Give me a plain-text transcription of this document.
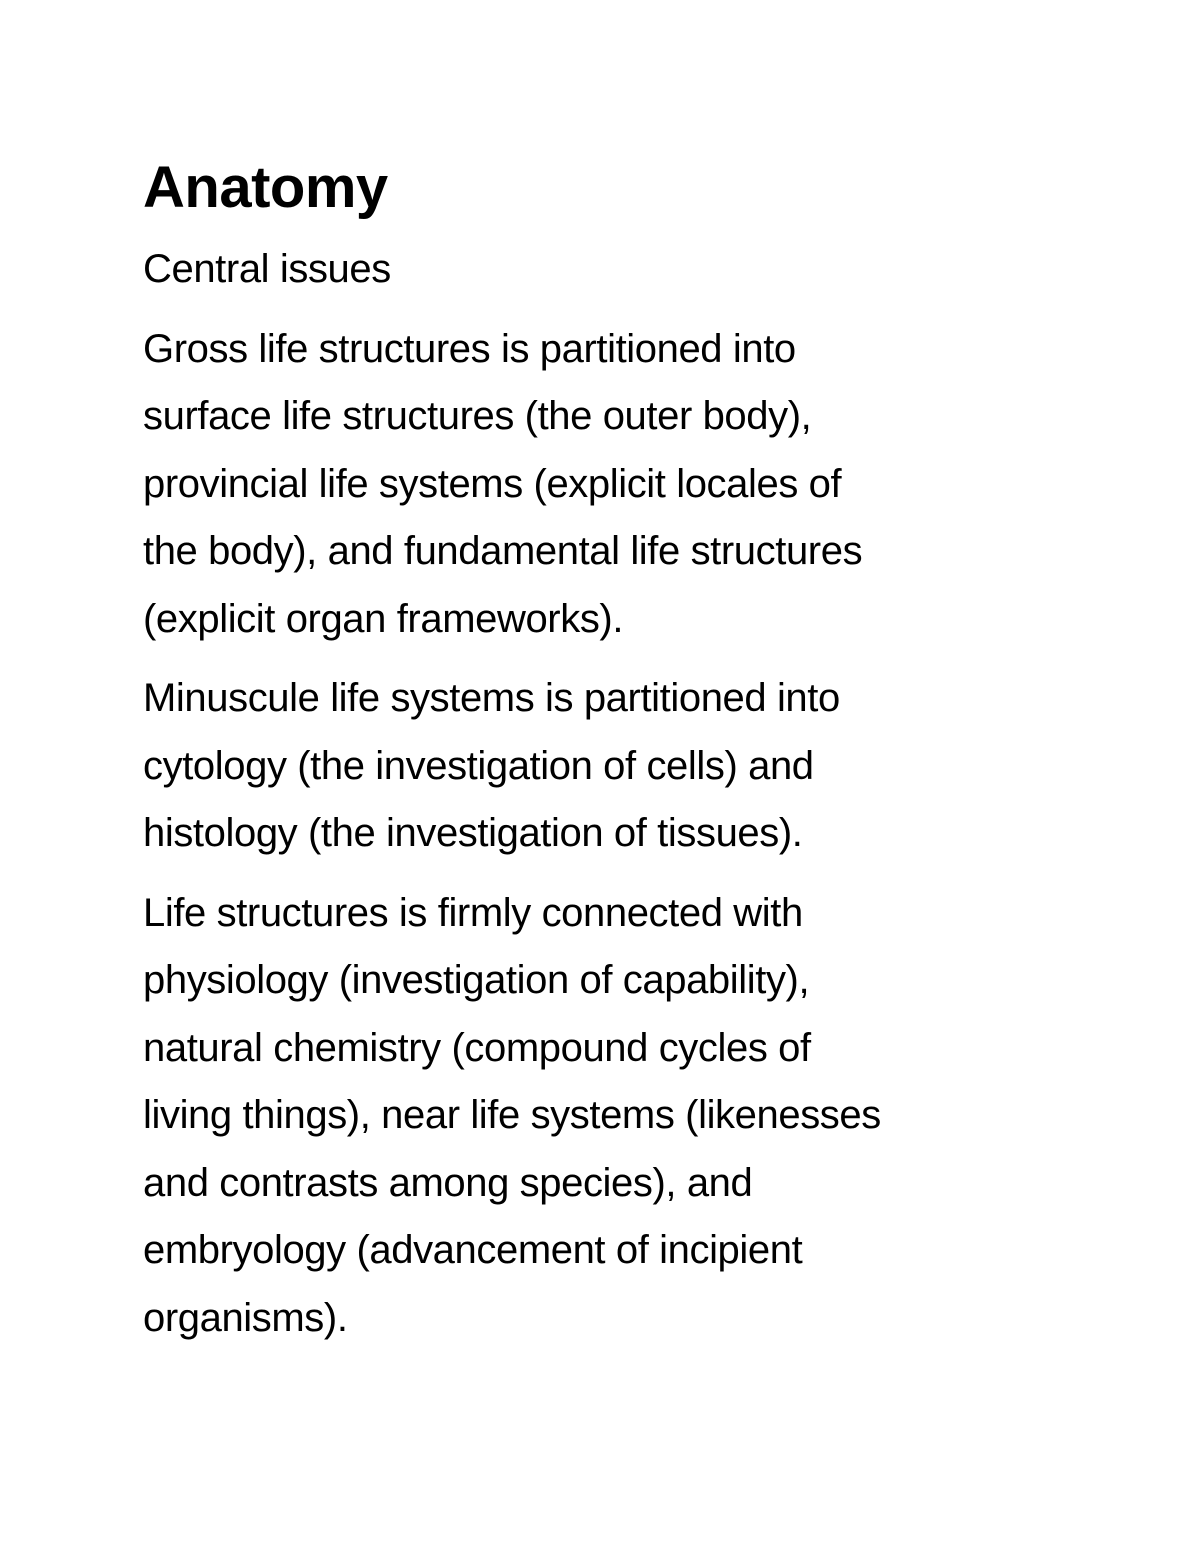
Anatomy

Central issues

Gross life structures is partitioned into
surface life structures (the outer body),
provincial life systems (explicit locales of
the body), and fundamental life structures
(explicit organ frameworks).

Minuscule life systems is partitioned into
cytology (the investigation of cells) and
histology (the investigation of tissues).

Life structures is firmly connected with
physiology (investigation of capability),
natural chemistry (compound cycles of
living things), near life systems (likenesses
and contrasts among species), and
embryology (advancement of incipient
organisms).
